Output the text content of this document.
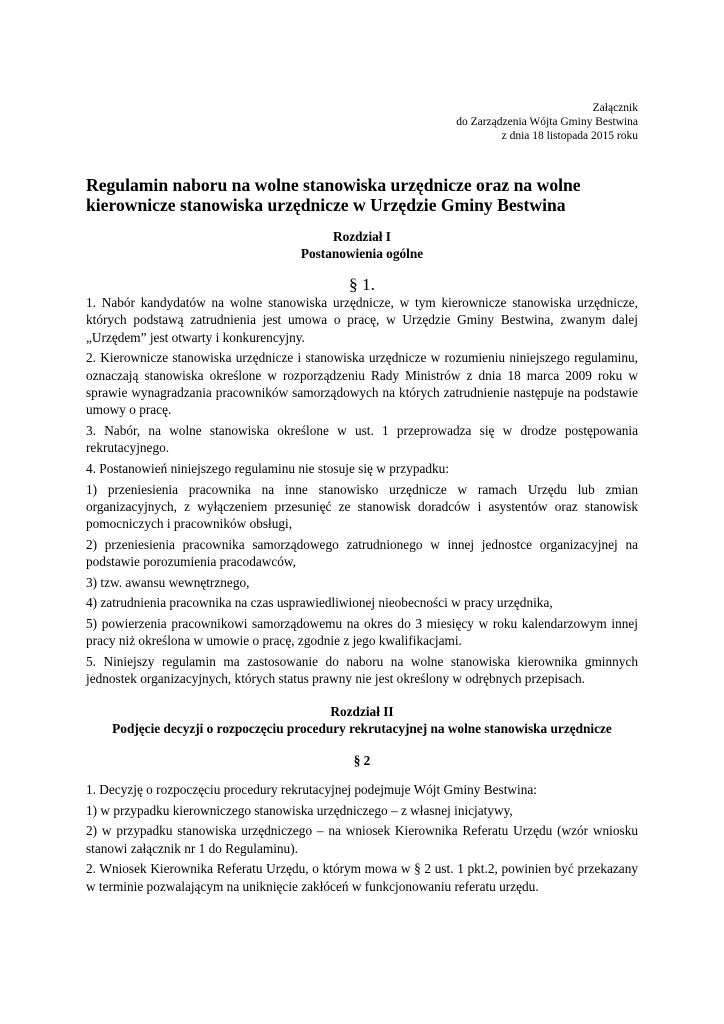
Załącznik
do Zarządzenia Wójta Gminy Bestwina
z dnia 18 listopada 2015 roku
Regulamin naboru na wolne stanowiska urzędnicze oraz na wolne kierownicze stanowiska urzędnicze w Urzędzie Gminy Bestwina
Rozdział I
Postanowienia ogólne
§ 1.

1. Nabór kandydatów na wolne stanowiska urzędnicze, w tym kierownicze stanowiska urzędnicze, których podstawą zatrudnienia jest umowa o pracę, w Urzędzie Gminy Bestwina, zwanym dalej „Urzędem” jest otwarty i konkurencyjny.

2. Kierownicze stanowiska urzędnicze i stanowiska urzędnicze w rozumieniu niniejszego regulaminu, oznaczają stanowiska określone w rozporządzeniu Rady Ministrów z dnia 18 marca 2009 roku w sprawie wynagradzania pracowników samorządowych na których zatrudnienie następuje na podstawie umowy o pracę.

3. Nabór, na wolne stanowiska określone w ust. 1 przeprowadza się w drodze postępowania rekrutacyjnego.

4. Postanowień niniejszego regulaminu nie stosuje się w przypadku:

1) przeniesienia pracownika na inne stanowisko urzędnicze w ramach Urzędu lub zmian organizacyjnych, z wyłączeniem przesunięć ze stanowisk doradców i asystentów oraz stanowisk pomocniczych i pracowników obsługi,

2) przeniesienia pracownika samorządowego zatrudnionego w innej jednostce organizacyjnej na podstawie porozumienia pracodawców,

3) tzw. awansu wewnętrznego,

4) zatrudnienia pracownika na czas usprawiedliwionej nieobecności w pracy urzędnika,

5) powierzenia pracownikowi samorządowemu na okres do 3 miesięcy w roku kalendarzowym innej pracy niż określona w umowie o pracę, zgodnie z jego kwalifikacjami.

5. Niniejszy regulamin ma zastosowanie do naboru na wolne stanowiska kierownika gminnych jednostek organizacyjnych, których status prawny nie jest określony w odrębnych przepisach.

Rozdział II
Podjęcie decyzji o rozpoczęciu procedury rekrutacyjnej na wolne stanowiska urzędnicze
§ 2

1. Decyzję o rozpoczęciu procedury rekrutacyjnej podejmuje Wójt Gminy Bestwina:

1) w przypadku kierowniczego stanowiska urzędniczego – z własnej inicjatywy,

2) w przypadku stanowiska urzędniczego – na wniosek Kierownika Referatu Urzędu (wzór wniosku stanowi załącznik nr 1 do Regulaminu).

2. Wniosek Kierownika Referatu Urzędu, o którym mowa w § 2 ust. 1 pkt.2, powinien być przekazany w terminie pozwalającym na uniknięcie zakłóceń w funkcjonowaniu referatu urzędu.
